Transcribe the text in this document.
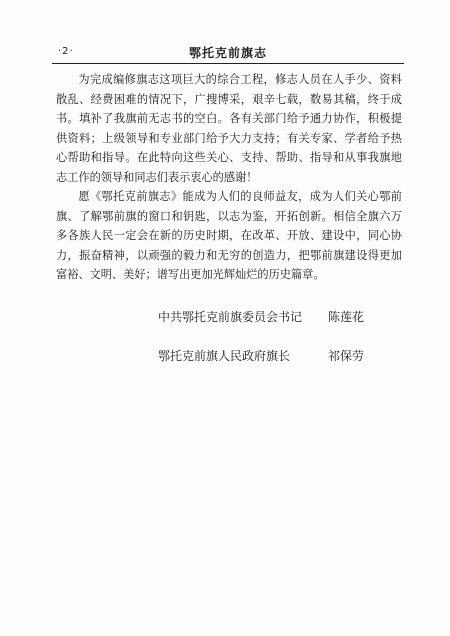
·2·	鄂托克前旗志

为完成编修旗志这项巨大的综合工程，修志人员在人手少、资料散乱、经费困难的情况下，广搜博采，艰辛七载，数易其稿，终于成书。填补了我旗前无志书的空白。各有关部门给予通力协作，积极提供资料；上级领导和专业部门给予大力支持；有关专家、学者给予热心帮助和指导。在此特向这些关心、支持、帮助、指导和从事我旗地志工作的领导和同志们表示衷心的感谢！

愿《鄂托克前旗志》能成为人们的良师益友，成为人们关心鄂前旗、了解鄂前旗的窗口和钥匙，以志为鉴，开拓创新。相信全旗六万多各族人民一定会在新的历史时期，在改革、开放、建设中，同心协力，振奋精神，以顽强的毅力和无穷的创造力，把鄂前旗建设得更加富裕、文明、美好；谱写出更加光辉灿烂的历史篇章。

中共鄂托克前旗委员会书记	陈莲花
鄂托克前旗人民政府旗长	祁保劳
